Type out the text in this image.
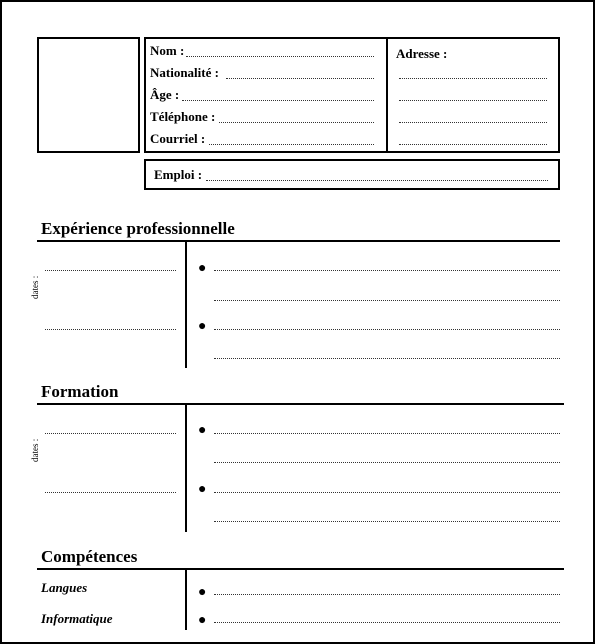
Nom :
Nationalité :
Âge :
Téléphone :
Courriel :
Adresse :
Emploi :
Expérience professionnelle
dates :
●
●
Formation
dates :
●
●
Compétences
Langues	●
Informatique	●
